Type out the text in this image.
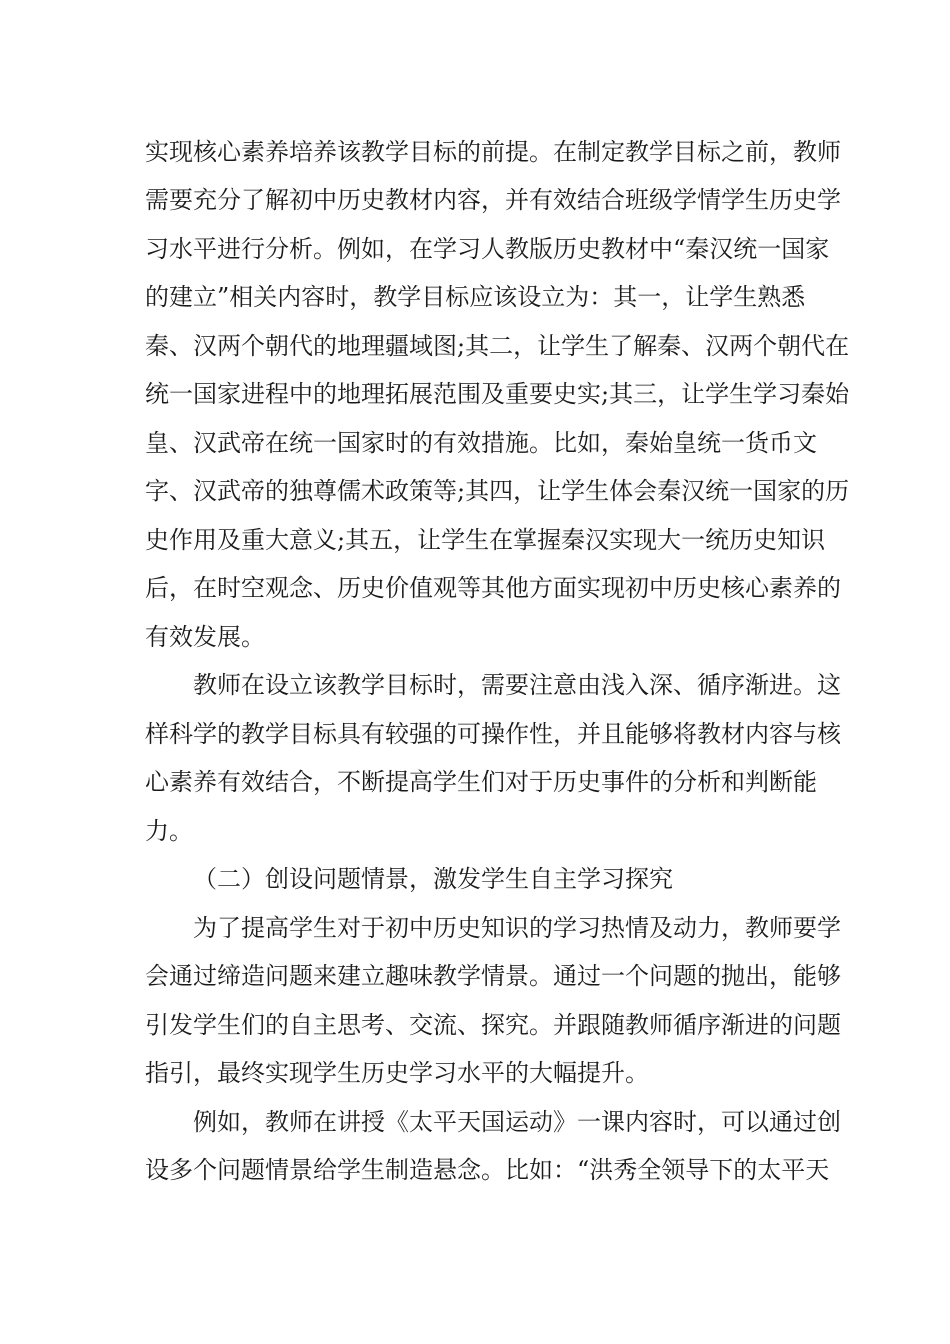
实现核心素养培养该教学目标的前提。在制定教学目标之前，教师
需要充分了解初中历史教材内容，并有效结合班级学情学生历史学
习水平进行分析。例如，在学习人教版历史教材中“秦汉统一国家
的建立”相关内容时，教学目标应该设立为：其一，让学生熟悉
秦、汉两个朝代的地理疆域图;其二，让学生了解秦、汉两个朝代在
统一国家进程中的地理拓展范围及重要史实;其三，让学生学习秦始
皇、汉武帝在统一国家时的有效措施。比如，秦始皇统一货币文
字、汉武帝的独尊儒术政策等;其四，让学生体会秦汉统一国家的历
史作用及重大意义;其五，让学生在掌握秦汉实现大一统历史知识
后，在时空观念、历史价值观等其他方面实现初中历史核心素养的
有效发展。
教师在设立该教学目标时，需要注意由浅入深、循序渐进。这
样科学的教学目标具有较强的可操作性，并且能够将教材内容与核
心素养有效结合，不断提高学生们对于历史事件的分析和判断能
力。
（二）创设问题情景，激发学生自主学习探究
为了提高学生对于初中历史知识的学习热情及动力，教师要学
会通过缔造问题来建立趣味教学情景。通过一个问题的抛出，能够
引发学生们的自主思考、交流、探究。并跟随教师循序渐进的问题
指引，最终实现学生历史学习水平的大幅提升。
例如，教师在讲授《太平天国运动》一课内容时，可以通过创
设多个问题情景给学生制造悬念。比如：“洪秀全领导下的太平天
